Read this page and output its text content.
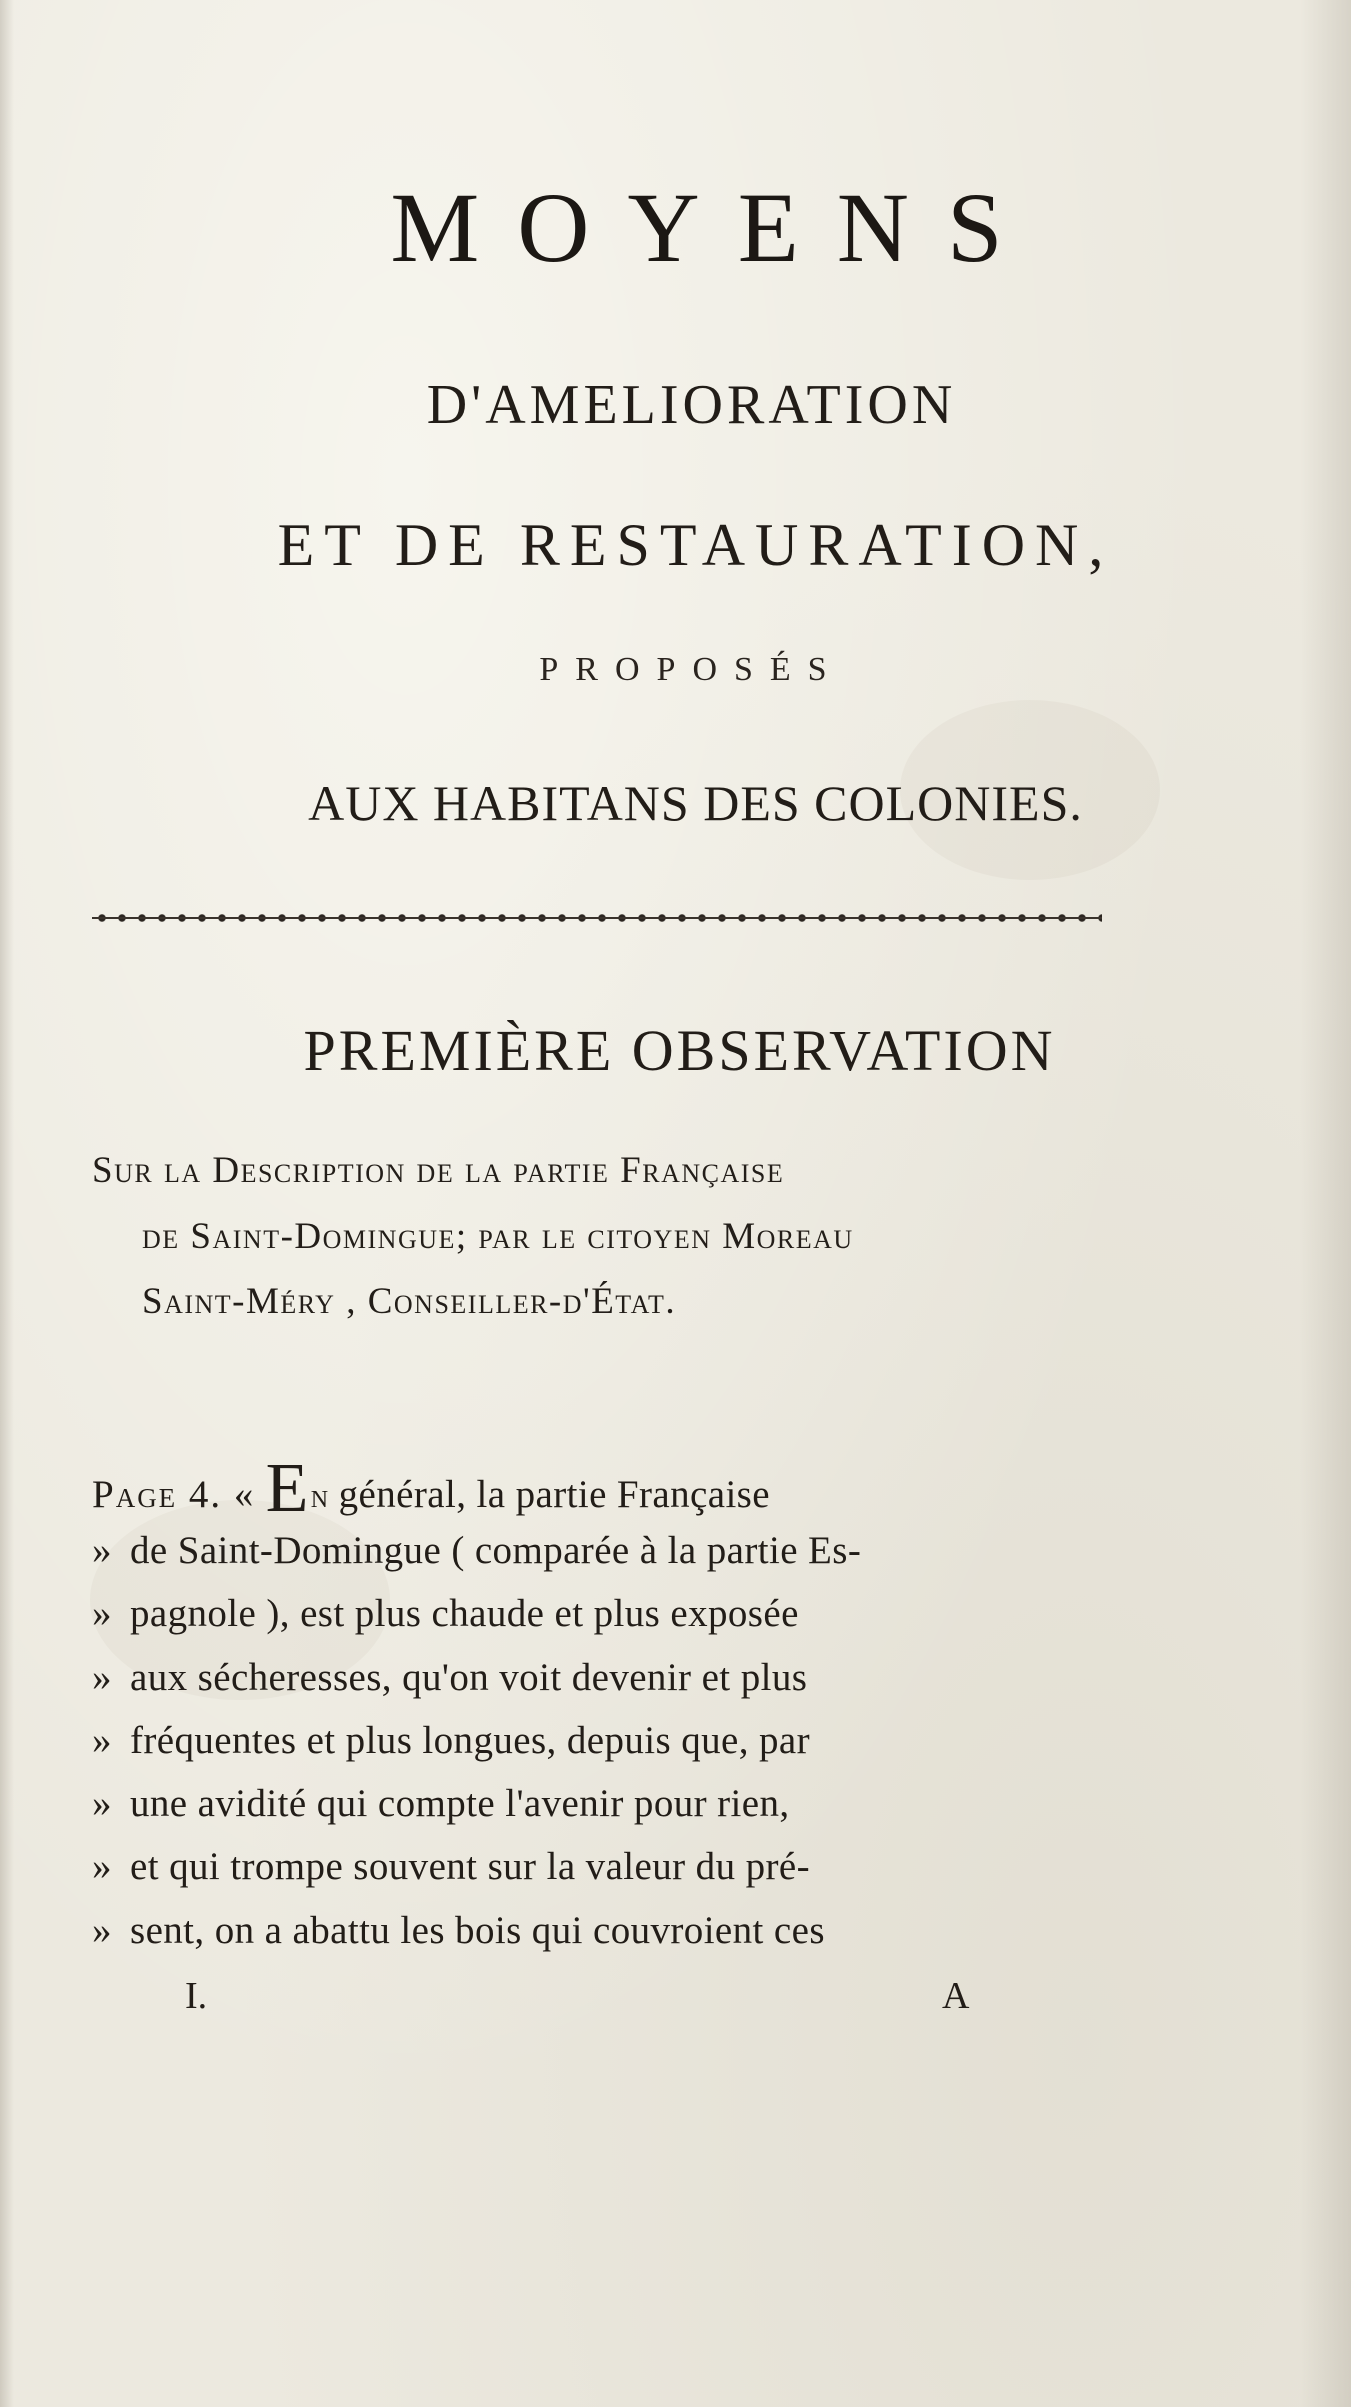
MOYENS
D'AMELIORATION
ET DE RESTAURATION,
PROPOSÉS
AUX HABITANS DES COLONIES.
PREMIÈRE OBSERVATION
Sur la Description de la partie Française
de Saint-Domingue; par le citoyen Moreau
Saint-Méry , Conseiller-d'État.
Page 4. « En général, la partie Française
» de Saint-Domingue ( comparée à la partie Es-
» pagnole ), est plus chaude et plus exposée
» aux sécheresses, qu'on voit devenir et plus
» fréquentes et plus longues, depuis que, par
» une avidité qui compte l'avenir pour rien,
» et qui trompe souvent sur la valeur du pré-
» sent, on a abattu les bois qui couvroient ces
I.	A
